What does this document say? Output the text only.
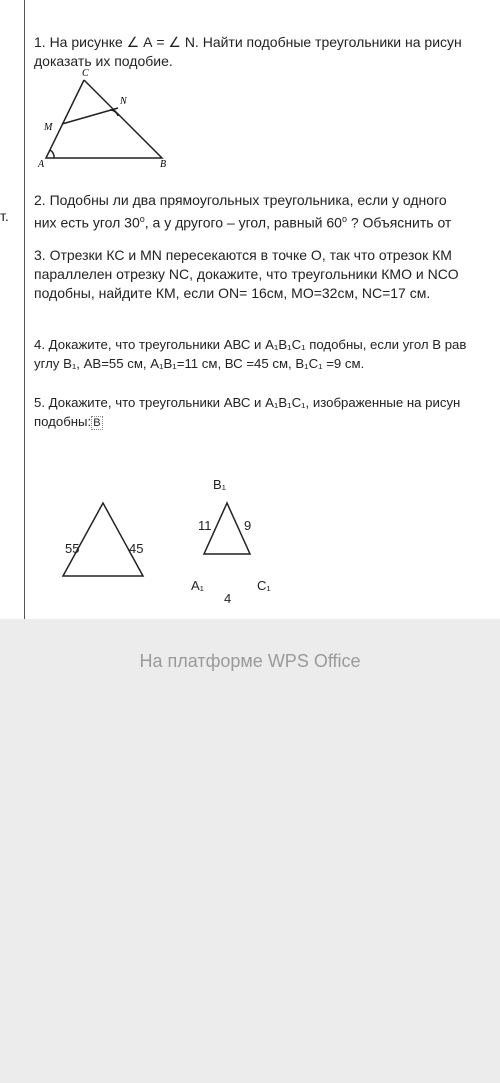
т.
1. На рисунке ∠ А = ∠ N. Найти подобные треугольники на рисун
доказать их подобие.
C
N
M
A	B
2. Подобны ли два прямоугольных треугольника, если у одного
них есть угол 30$^o$, а у другого – угол, равный 60$^o$ ? Объяснить от
3. Отрезки КС и MN пересекаются в точке О, так что отрезок КМ
параллелен отрезку NC, докажите, что треугольники КМО и NCO
подобны, найдите КМ, если ON= 16см, МО=32см, NC=17 см.
4. Докажите, что треугольники АВС и А₁В₁С₁ подобны, если угол В рав
углу В₁, АВ=55 см, А₁В₁=11 см, ВС =45 см, В₁С₁ =9 см.
5. Докажите, что треугольники АВС и А₁В₁С₁, изображенные на рисун
подобны: B
55	45
B₁
11	9
A₁	C₁
4
На платформе WPS Office
